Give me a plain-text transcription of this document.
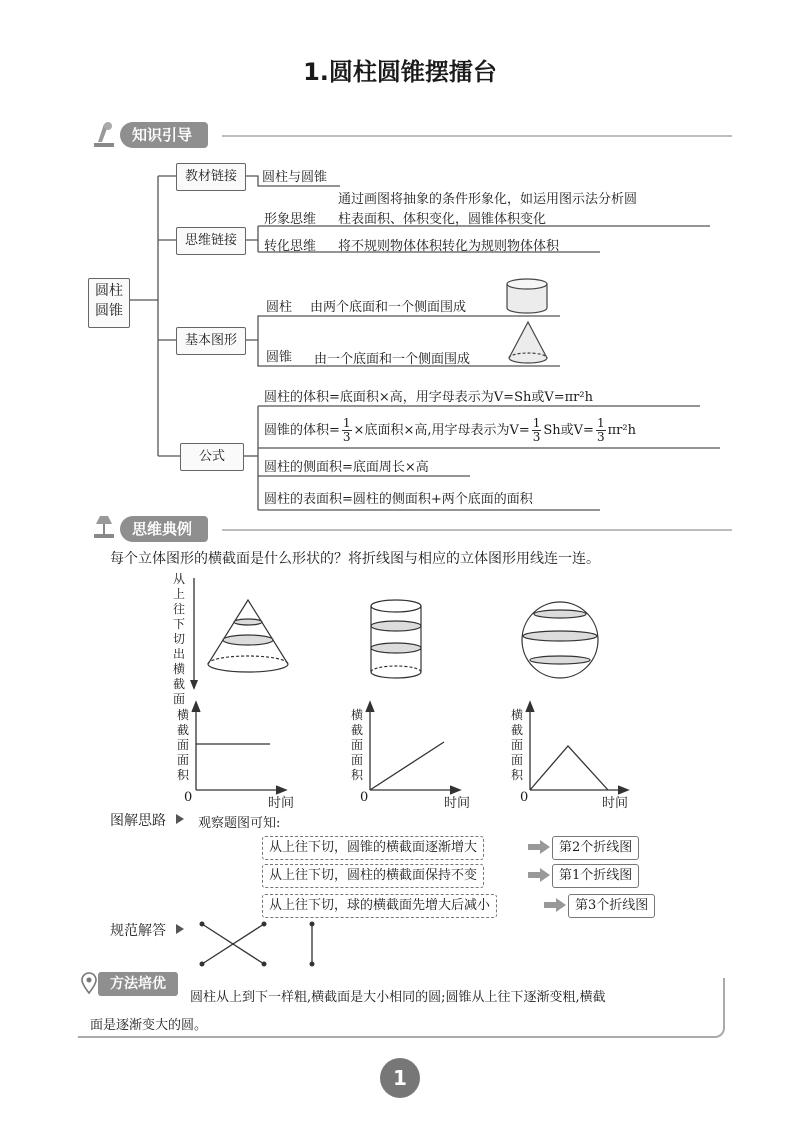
1.圆柱圆锥摆擂台
知识引导
圆柱
圆锥
教材链接	圆柱与圆锥
思维链接
通过画图将抽象的条件形象化，如运用图示法分析圆
形象思维 柱表面积、体积变化，圆锥体积变化
转化思维 将不规则物体体积转化为规则物体体积
基本图形
圆柱 由两个底面和一个侧面围成
圆锥 由一个底面和一个侧面围成
公式
圆柱的体积=底面积×高，用字母表示为V=Sh或V=πr²h
圆锥的体积= $\frac{1}{3}$ ×底面积×高,用字母表示为$V= \frac{1}{3}$ Sh或$V= \frac{1}{3} \pi r^2h$
圆柱的侧面积=底面周长×高
圆柱的表面积=圆柱的侧面积+两个底面的面积
思维典例
每个立体图形的横截面是什么形状的？将折线图与相应的立体图形用线连一连。
从上往下切出横截面
横截面面积
0	时间
横截面面积
0	时间
横截面面积
0	时间
图解思路 观察题图可知:
从上往下切，圆锥的横截面逐渐增大	第2个折线图
从上往下切，圆柱的横截面保持不变	第1个折线图
从上往下切，球的横截面先增大后减小	第3个折线图
规范解答
方法培优
圆柱从上到下一样粗,横截面是大小相同的圆;圆锥从上往下逐渐变粗,横截
面是逐渐变大的圆。
1
